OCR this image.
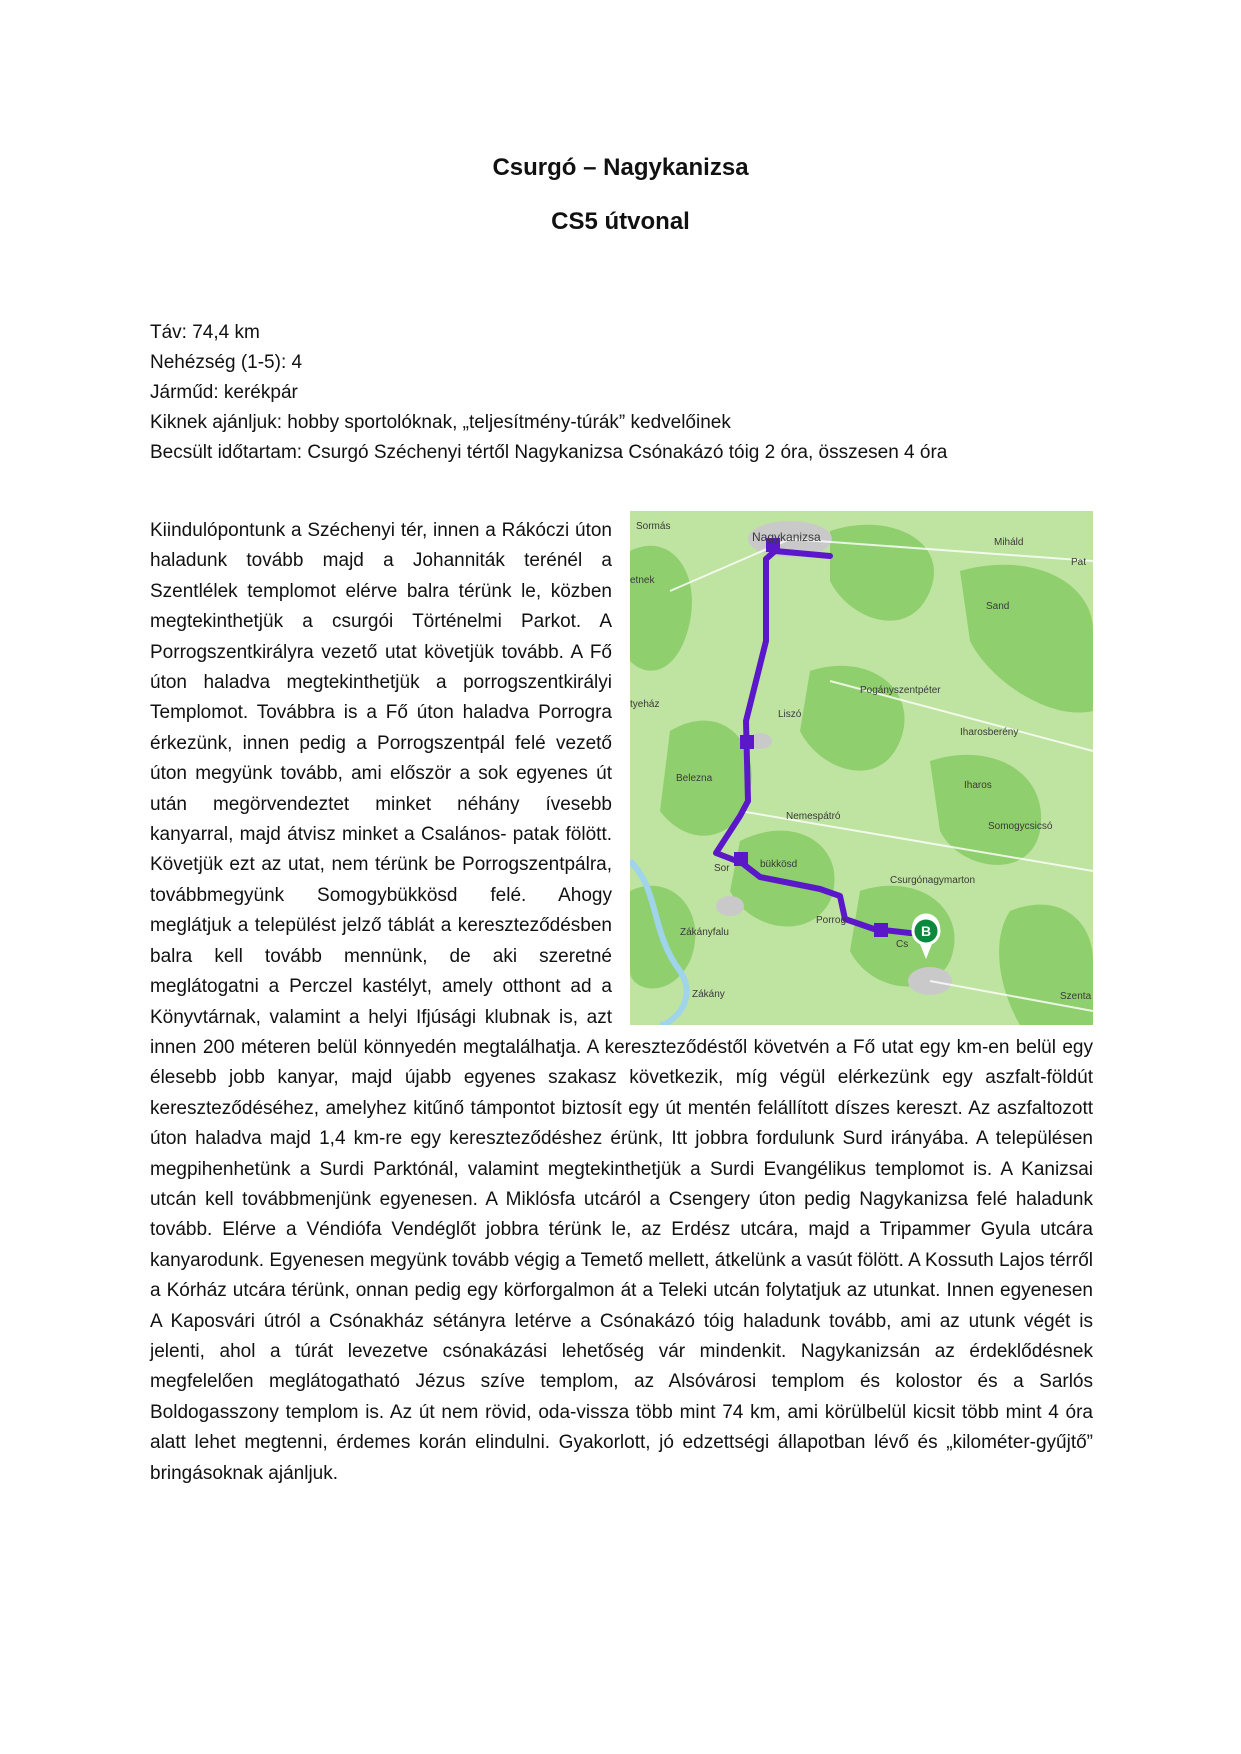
Csurgó – Nagykanizsa
CS5 útvonal
Táv: 74,4 km
Nehézség (1-5): 4
Járműd: kerékpár
Kiknek ajánljuk: hobby sportolóknak, „teljesítmény-túrák” kedvelőinek
Becsült időtartam: Csurgó Széchenyi tértől Nagykanizsa Csónakázó tóig 2 óra, összesen 4 óra
B
Sormás
Nagykanizsa	Miháld
Pat
etnek
Sand
Pogányszentpéter
tyeház
Liszó
Iharosberény
Iharos
Belezna
Nemespátró
Somogycsicsó
Sor	bükkösd
Csurgónagymarton
Zákányfalu
Porrog
Zákány	Szenta
Cs
Kiindulópontunk a Széchenyi tér, innen a Rákóczi úton haladunk tovább majd a Johanniták terénél a Szentlélek templomot elérve balra térünk le, közben megtekinthetjük a csurgói Történelmi Parkot. A Porrogszentkirályra vezető utat követjük tovább. A Fő úton haladva megtekinthetjük a porrogszentkirályi Templomot. Továbbra is a Fő úton haladva Porrogra érkezünk, innen pedig a Porrogszentpál felé vezető úton megyünk tovább, ami először a sok egyenes út után megörvendeztet minket néhány ívesebb kanyarral, majd átvisz minket a Csalános- patak fölött. Követjük ezt az utat, nem térünk be Porrogszentpálra, továbbmegyünk Somogybükkösd felé. Ahogy meglátjuk a települést jelző táblát a kereszteződésben balra kell tovább mennünk, de aki szeretné meglátogatni a Perczel kastélyt, amely otthont ad a Könyvtárnak, valamint a helyi Ifjúsági klubnak is, azt innen 200 méteren belül könnyedén megtalálhatja. A kereszteződéstől követvén a Fő utat egy km-en belül egy élesebb jobb kanyar, majd újabb egyenes szakasz következik, míg végül elérkezünk egy aszfalt-földút kereszteződéséhez, amelyhez kitűnő támpontot biztosít egy út mentén felállított díszes kereszt. Az aszfaltozott úton haladva majd 1,4 km-re egy kereszteződéshez érünk, Itt jobbra fordulunk Surd irányába. A településen megpihenhetünk a Surdi Parktónál, valamint megtekinthetjük a Surdi Evangélikus templomot is. A Kanizsai utcán kell továbbmenjünk egyenesen. A Miklósfa utcáról a Csengery úton pedig Nagykanizsa felé haladunk tovább. Elérve a Véndiófa Vendéglőt jobbra térünk le, az Erdész utcára, majd a Tripammer Gyula utcára kanyarodunk. Egyenesen megyünk tovább végig a Temető mellett, átkelünk a vasút fölött. A Kossuth Lajos térről a Kórház utcára térünk, onnan pedig egy körforgalmon át a Teleki utcán folytatjuk az utunkat. Innen egyenesen A Kaposvári útról a Csónakház sétányra letérve a Csónakázó tóig haladunk tovább, ami az utunk végét is jelenti, ahol a túrát levezetve csónakázási lehetőség vár mindenkit. Nagykanizsán az érdeklődésnek megfelelően meglátogatható Jézus szíve templom, az Alsóvárosi templom és kolostor és a Sarlós Boldogasszony templom is. Az út nem rövid, oda-vissza több mint 74 km, ami körülbelül kicsit több mint 4 óra alatt lehet megtenni, érdemes korán elindulni. Gyakorlott, jó edzettségi állapotban lévő és „kilométer-gyűjtő” bringásoknak ajánljuk.
